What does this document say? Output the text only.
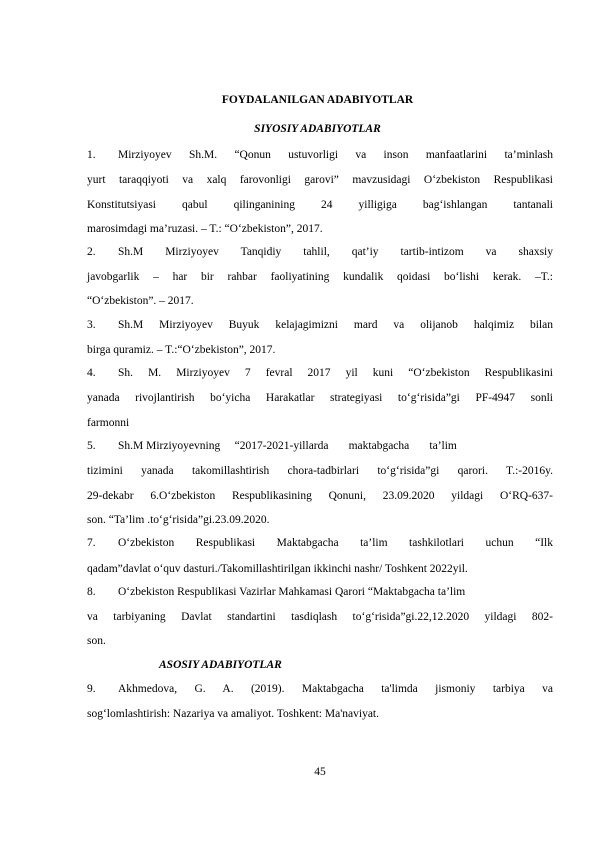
FOYDALANILGAN ADABIYOTLAR
SIYOSIY ADABIYOTLAR
1. Mirziyoyev Sh.M. “Qonun ustuvorligi va inson manfaatlarini ta’minlash
yurt taraqqiyoti va xalq farovonligi garovi” mavzusidagi O‘zbekiston Respublikasi
Konstitutsiyasi qabul qilinganining 24 yilligiga bag‘ishlangan tantanali
marosimdagi ma’ruzasi. – T.: “O‘zbekiston”, 2017.
2. Sh.M Mirziyoyev Tanqidiy tahlil, qat’iy tartib-intizom va shaxsiy
javobgarlik – har bir rahbar faoliyatining kundalik qoidasi bo‘lishi kerak. –T.:
“O‘zbekiston”. – 2017.
3. Sh.M Mirziyoyev Buyuk kelajagimizni mard va olijanob halqimiz bilan
birga quramiz. – T.:“O‘zbekiston”, 2017.
4. Sh. M. Mirziyoyev 7 fevral 2017 yil kuni “O‘zbekiston Respublikasini
yanada rivojlantirish bo‘yicha Harakatlar strategiyasi to‘g‘risida”gi PF-4947 sonli
farmonni
5. Sh.M Mirziyoyevning     “2017-2021-yillarda       maktabgacha       ta’lim
tizimini yanada takomillashtirish chora-tadbirlari to‘g‘risida”gi qarori. T.:-2016y.
29-dekabr 6.O‘zbekiston Respublikasining Qonuni, 23.09.2020 yildagi O‘RQ-637-
son. “Ta’lim .to‘g‘risida”gi.23.09.2020.
7. O‘zbekiston Respublikasi Maktabgacha ta’lim tashkilotlari uchun “Ilk
qadam”davlat o‘quv dasturi./Takomillashtirilgan ikkinchi nashr/ Toshkent 2022yil.
8. O‘zbekiston Respublikasi Vazirlar Mahkamasi Qarori “Maktabgacha ta’lim
va tarbiyaning Davlat standartini tasdiqlash to‘g‘risida”gi.22,12.2020 yildagi 802-
son.
ASOSIY ADABIYOTLAR
9. Akhmedova, G. A. (2019). Maktabgacha ta'limda jismoniy tarbiya va
sog‘lomlashtirish: Nazariya va amaliyot. Toshkent: Ma'naviyat.
45
